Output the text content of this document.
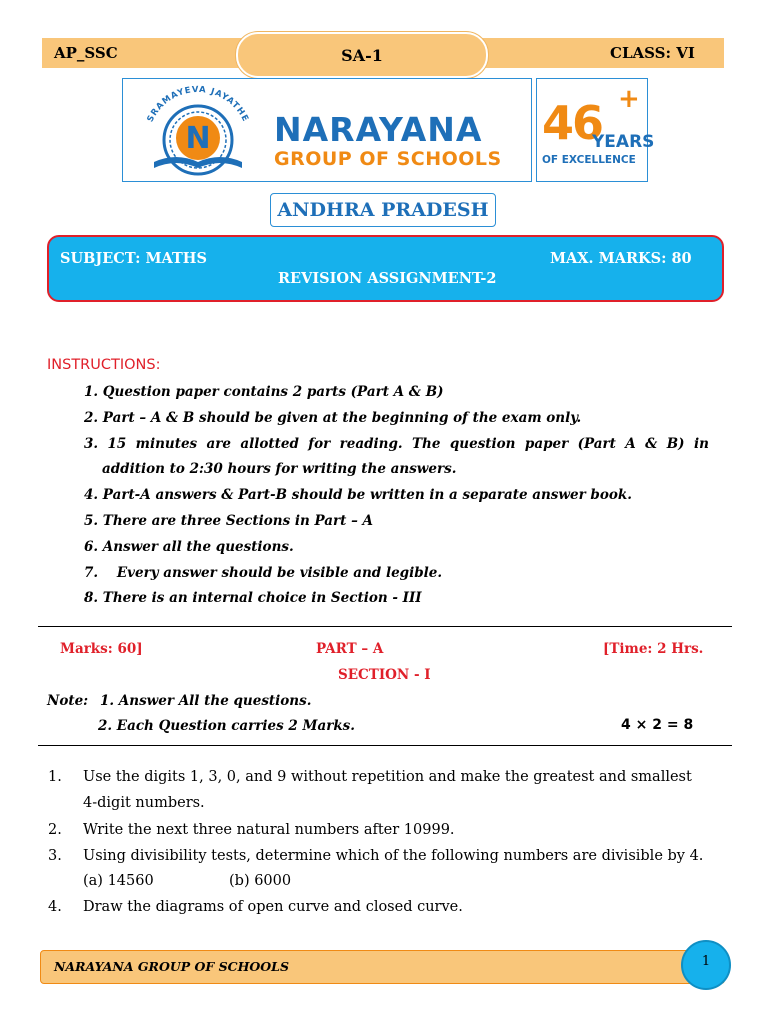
AP_SSC	CLASS: VI
SA-1
SRAMAYEVA JAYATHE
N NARAYANA
GROUP OF SCHOOLS
46 +
YEARS
OF EXCELLENCE
ANDHRA PRADESH
SUBJECT: MATHS	MAX. MARKS: 80
REVISION ASSIGNMENT-2
INSTRUCTIONS:
1. Question paper contains 2 parts (Part A & B)
2. Part – A & B should be given at the beginning of the exam only.
3.  15  minutes  are  allotted  for  reading.  The  question  paper  (Part  A  &  B)  in
addition to 2:30 hours for writing the answers.
4. Part-A answers & Part-B should be written in a separate answer book.
5. There are three Sections in Part – A
6. Answer all the questions.
7.    Every answer should be visible and legible.
8. There is an internal choice in Section - III
Marks: 60]	PART – A	[Time: 2 Hrs.
SECTION - I
Note: 1. Answer All the questions.
2. Each Question carries 2 Marks.	4 × 2 = 8
1. Use the digits 1, 3, 0, and 9 without repetition and make the greatest and smallest
4-digit numbers.
2. Write the next three natural numbers after 10999.
3. Using divisibility tests, determine which of the following numbers are divisible by 4.
(a) 14560	(b) 6000
4. Draw the diagrams of open curve and closed curve.
NARAYANA GROUP OF SCHOOLS	1
